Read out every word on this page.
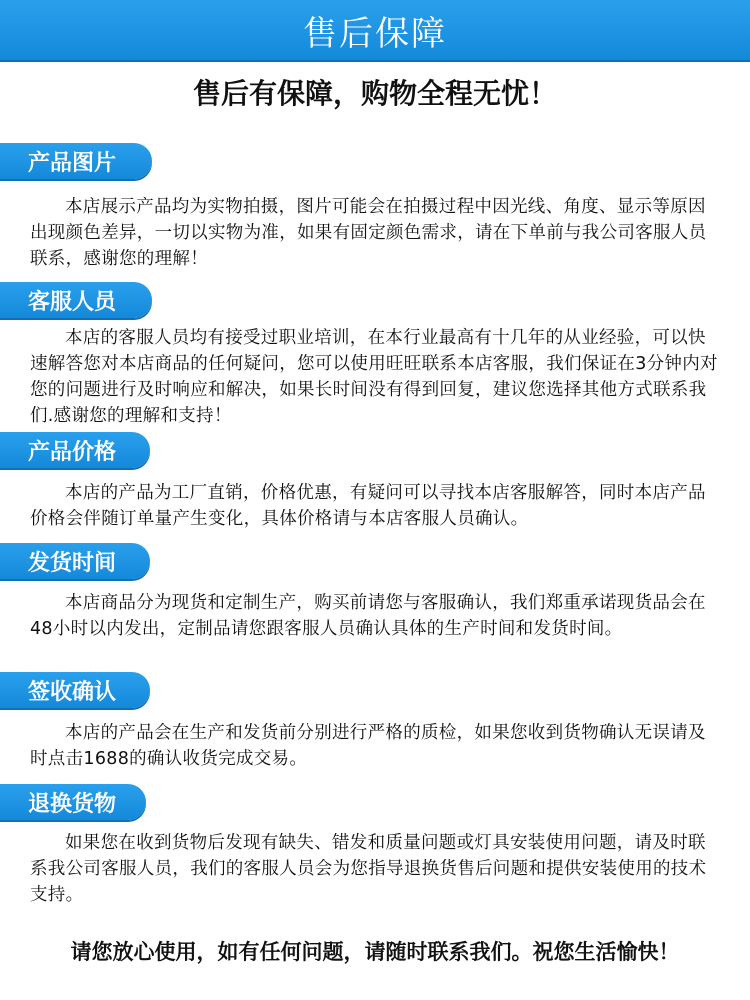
售后保障
售后有保障，购物全程无忧！
产品图片
本店展示产品均为实物拍摄，图片可能会在拍摄过程中因光线、角度、显示等原因出现颜色差异，一切以实物为准，如果有固定颜色需求，请在下单前与我公司客服人员联系，感谢您的理解！
客服人员
本店的客服人员均有接受过职业培训，在本行业最高有十几年的从业经验，可以快速解答您对本店商品的任何疑问，您可以使用旺旺联系本店客服，我们保证在3分钟内对您的问题进行及时响应和解决，如果长时间没有得到回复，建议您选择其他方式联系我们.感谢您的理解和支持！
产品价格
本店的产品为工厂直销，价格优惠，有疑问可以寻找本店客服解答，同时本店产品价格会伴随订单量产生变化，具体价格请与本店客服人员确认。
发货时间
本店商品分为现货和定制生产，购买前请您与客服确认，我们郑重承诺现货品会在48小时以内发出，定制品请您跟客服人员确认具体的生产时间和发货时间。
签收确认
本店的产品会在生产和发货前分别进行严格的质检，如果您收到货物确认无误请及时点击1688的确认收货完成交易。
退换货物
如果您在收到货物后发现有缺失、错发和质量问题或灯具安装使用问题，请及时联系我公司客服人员，我们的客服人员会为您指导退换货售后问题和提供安装使用的技术支持。
请您放心使用，如有任何问题，请随时联系我们。祝您生活愉快！
